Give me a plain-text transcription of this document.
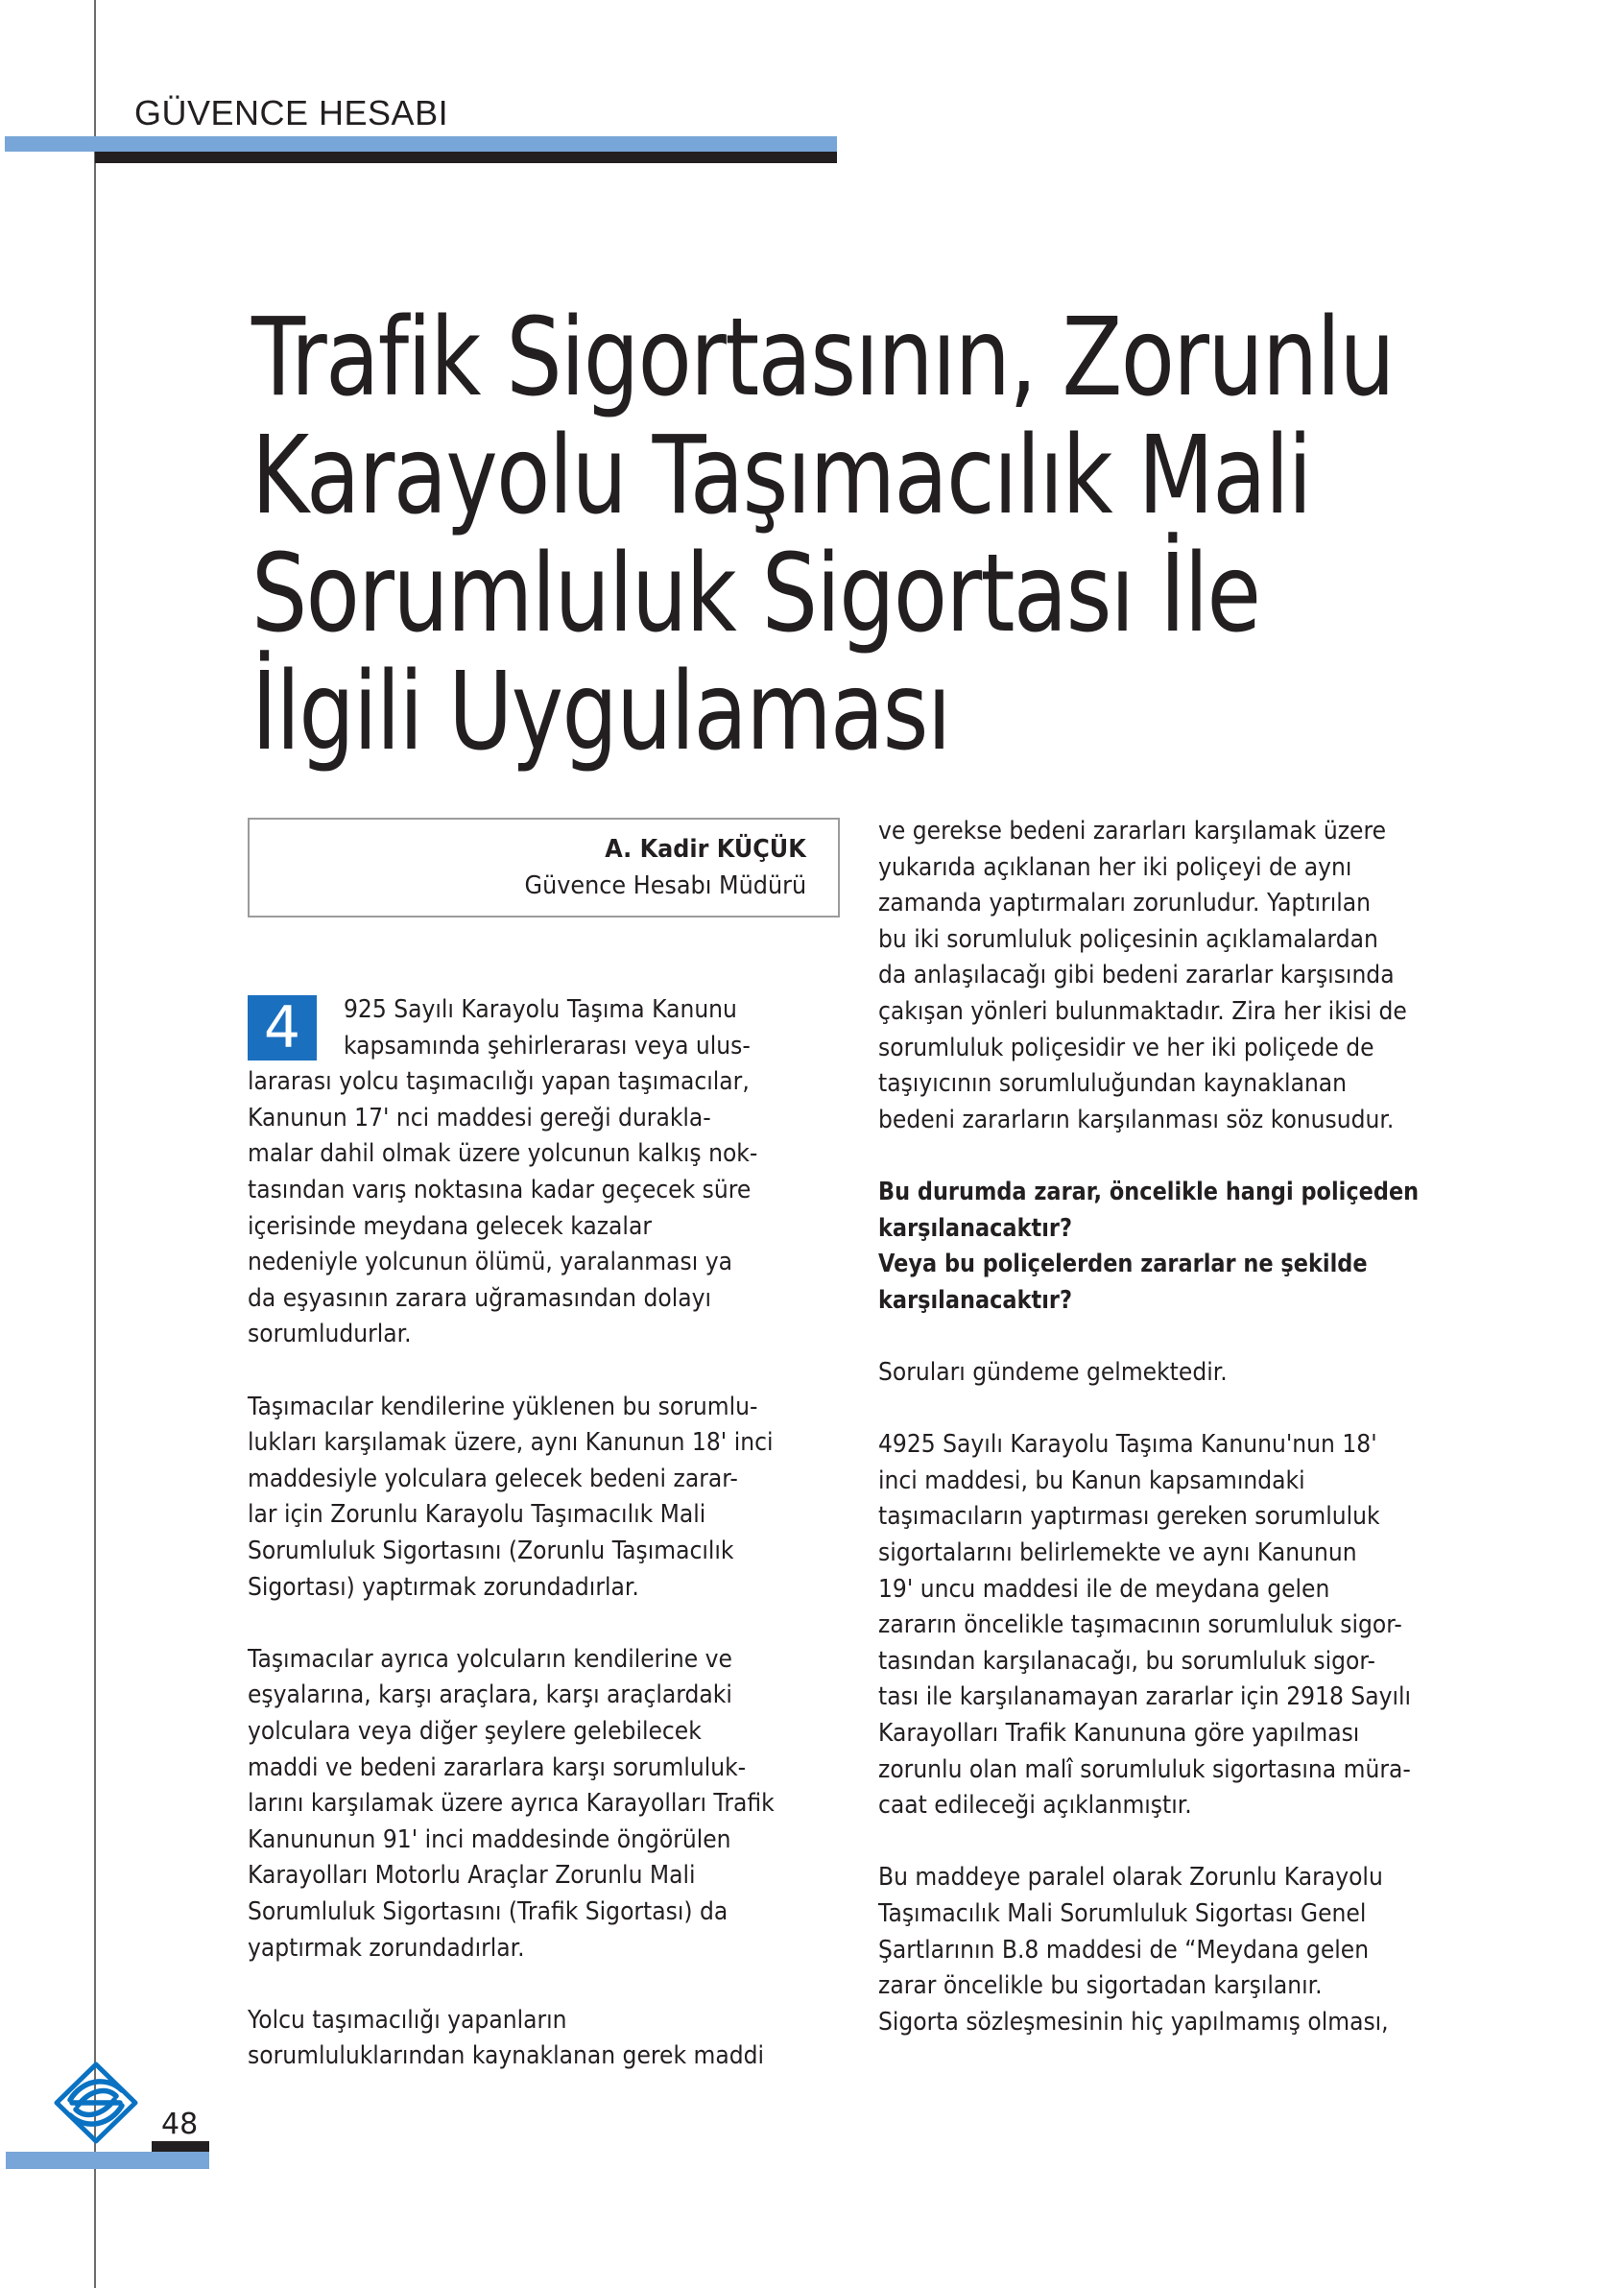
GÜVENCE HESABI
Trafik Sigortasının, Zorunlu
Karayolu Taşımacılık Mali
Sorumluluk Sigortası İle
İlgili Uygulaması
A. Kadir KÜÇÜK
Güvence Hesabı Müdürü
4	925 Sayılı Karayolu Taşıma Kanunu
kapsamında şehirlerarası veya ulus-
lararası yolcu taşımacılığı yapan taşımacılar,
Kanunun 17' nci maddesi gereği durakla-
malar dahil olmak üzere yolcunun kalkış nok-
tasından varış noktasına kadar geçecek süre
içerisinde meydana gelecek kazalar
nedeniyle yolcunun ölümü, yaralanması ya
da eşyasının zarara uğramasından dolayı
sorumludurlar.
Taşımacılar kendilerine yüklenen bu sorumlu-
lukları karşılamak üzere, aynı Kanunun 18' inci
maddesiyle yolculara gelecek bedeni zarar-
lar için Zorunlu Karayolu Taşımacılık Mali
Sorumluluk Sigortasını (Zorunlu Taşımacılık
Sigortası) yaptırmak zorundadırlar.
Taşımacılar ayrıca yolcuların kendilerine ve
eşyalarına, karşı araçlara, karşı araçlardaki
yolculara veya diğer şeylere gelebilecek
maddi ve bedeni zararlara karşı sorumluluk-
larını karşılamak üzere ayrıca Karayolları Trafik
Kanununun 91' inci maddesinde öngörülen
Karayolları Motorlu Araçlar Zorunlu Mali
Sorumluluk Sigortasını (Trafik Sigortası) da
yaptırmak zorundadırlar.
Yolcu taşımacılığı yapanların
sorumluluklarından kaynaklanan gerek maddi
ve gerekse bedeni zararları karşılamak üzere
yukarıda açıklanan her iki poliçeyi de aynı
zamanda yaptırmaları zorunludur. Yaptırılan
bu iki sorumluluk poliçesinin açıklamalardan
da anlaşılacağı gibi bedeni zararlar karşısında
çakışan yönleri bulunmaktadır. Zira her ikisi de
sorumluluk poliçesidir ve her iki poliçede de
taşıyıcının sorumluluğundan kaynaklanan
bedeni zararların karşılanması söz konusudur.
Bu durumda zarar, öncelikle hangi poliçeden
karşılanacaktır?
Veya bu poliçelerden zararlar ne şekilde
karşılanacaktır?
Soruları gündeme gelmektedir.
4925 Sayılı Karayolu Taşıma Kanunu'nun 18'
inci maddesi, bu Kanun kapsamındaki
taşımacıların yaptırması gereken sorumluluk
sigortalarını belirlemekte ve aynı Kanunun
19' uncu maddesi ile de meydana gelen
zararın öncelikle taşımacının sorumluluk sigor-
tasından karşılanacağı, bu sorumluluk sigor-
tası ile karşılanamayan zararlar için 2918 Sayılı
Karayolları Trafik Kanununa göre yapılması
zorunlu olan malî sorumluluk sigortasına müra-
caat edileceği açıklanmıştır.
Bu maddeye paralel olarak Zorunlu Karayolu
Taşımacılık Mali Sorumluluk Sigortası Genel
Şartlarının B.8 maddesi de “Meydana gelen
zarar öncelikle bu sigortadan karşılanır.
Sigorta sözleşmesinin hiç yapılmamış olması,
48
